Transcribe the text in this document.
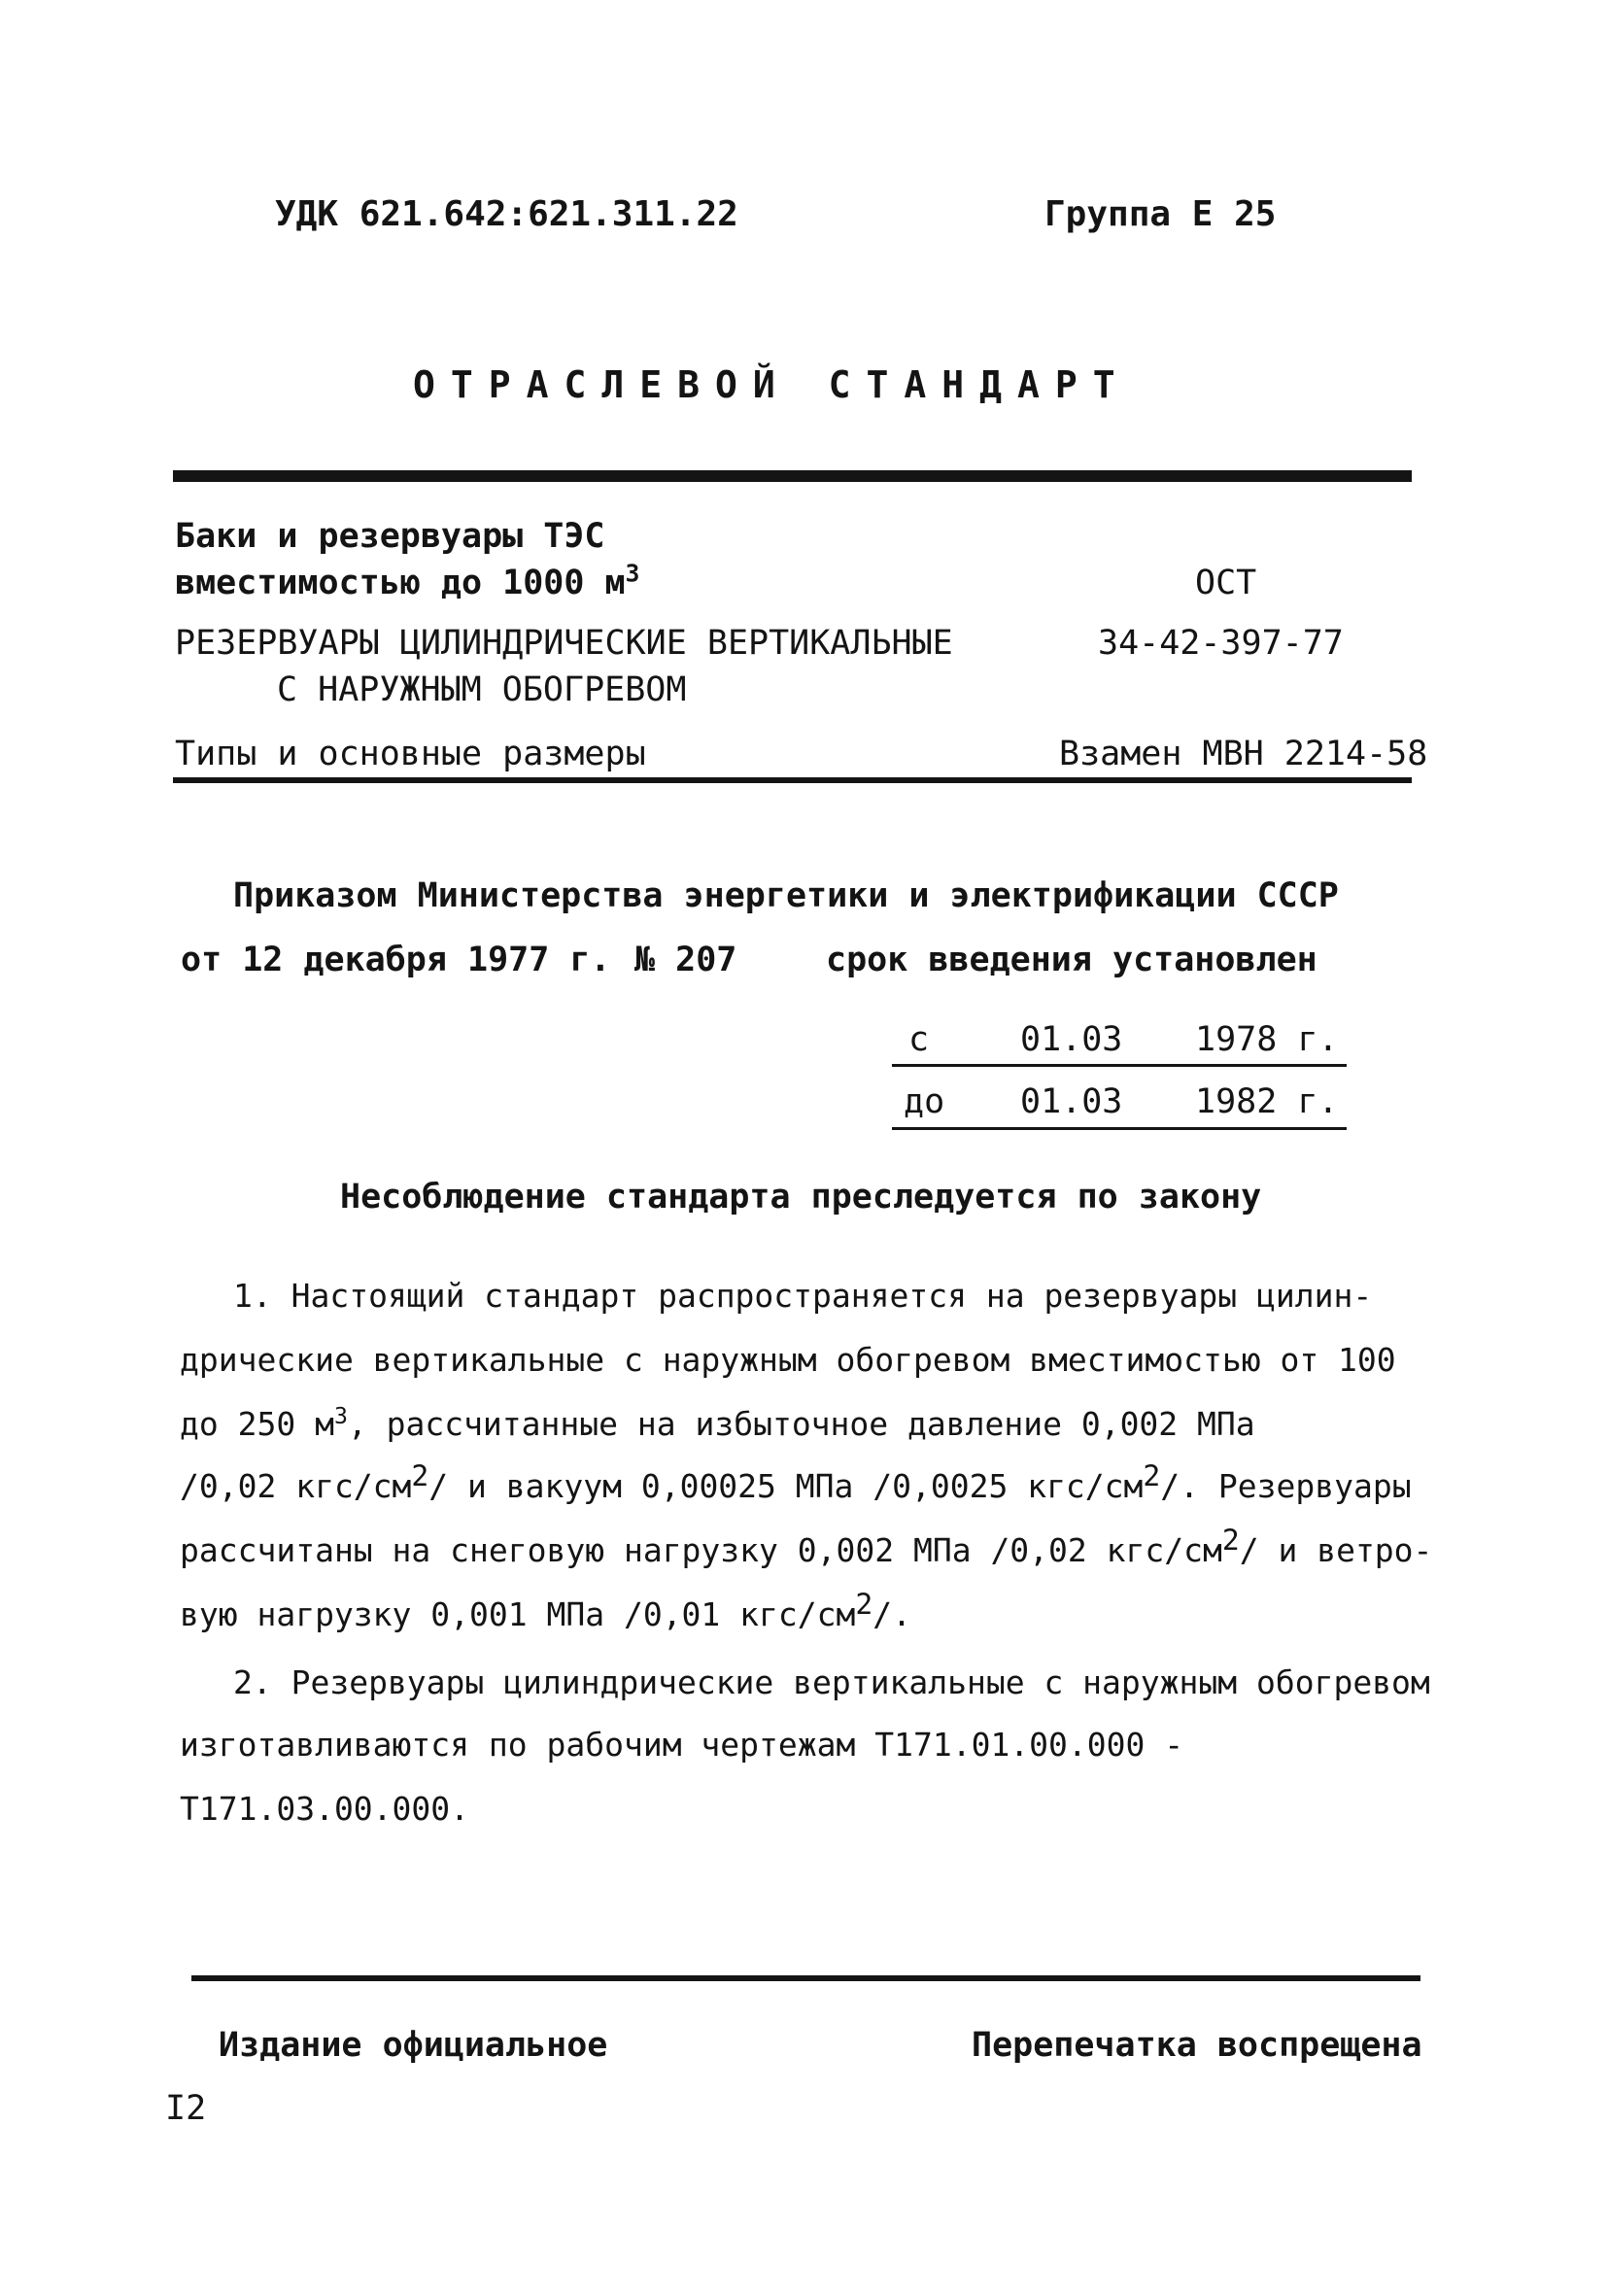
УДК 621.642:621.311.22	Группа Е 25
ОТРАСЛЕВОЙ СТАНДАРТ
Баки и резервуары ТЭС
вместимостью до 1000 $м^3$
РЕЗЕРВУАРЫ ЦИЛИНДРИЧЕСКИЕ ВЕРТИКАЛЬНЫЕ
С НАРУЖНЫМ ОБОГРЕВОМ
Типы и основные размеры
ОСТ
34-42-397-77
Взамен МВН 2214-58
Приказом Министерства энергетики и электрификации СССР
от 12 декабря 1977 г. № 207	срок введения установлен
с	01.03 1978 г.
до 01.03 1982 г.
Несоблюдение стандарта преследуется по закону
1. Настоящий стандарт распространяется на резервуары цилин-
дрические вертикальные с наружным обогревом вместимостью от 100
до 250 $м^3$, рассчитанные на избыточное давление 0,002 МПа
/0,02 кгс/см2/ и вакуум 0,00025 МПа /0,0025 кгс/см2/. Резервуары
рассчитаны на снеговую нагрузку 0,002 МПа /0,02 кгс/см2/ и ветро-
вую нагрузку 0,001 МПа /0,01 кгс/см2/.
2. Резервуары цилиндрические вертикальные с наружным обогревом
изготавливаются по рабочим чертежам Т171.01.00.000 -
Т171.03.00.000.
Издание официальное	Перепечатка воспрещена
I2
